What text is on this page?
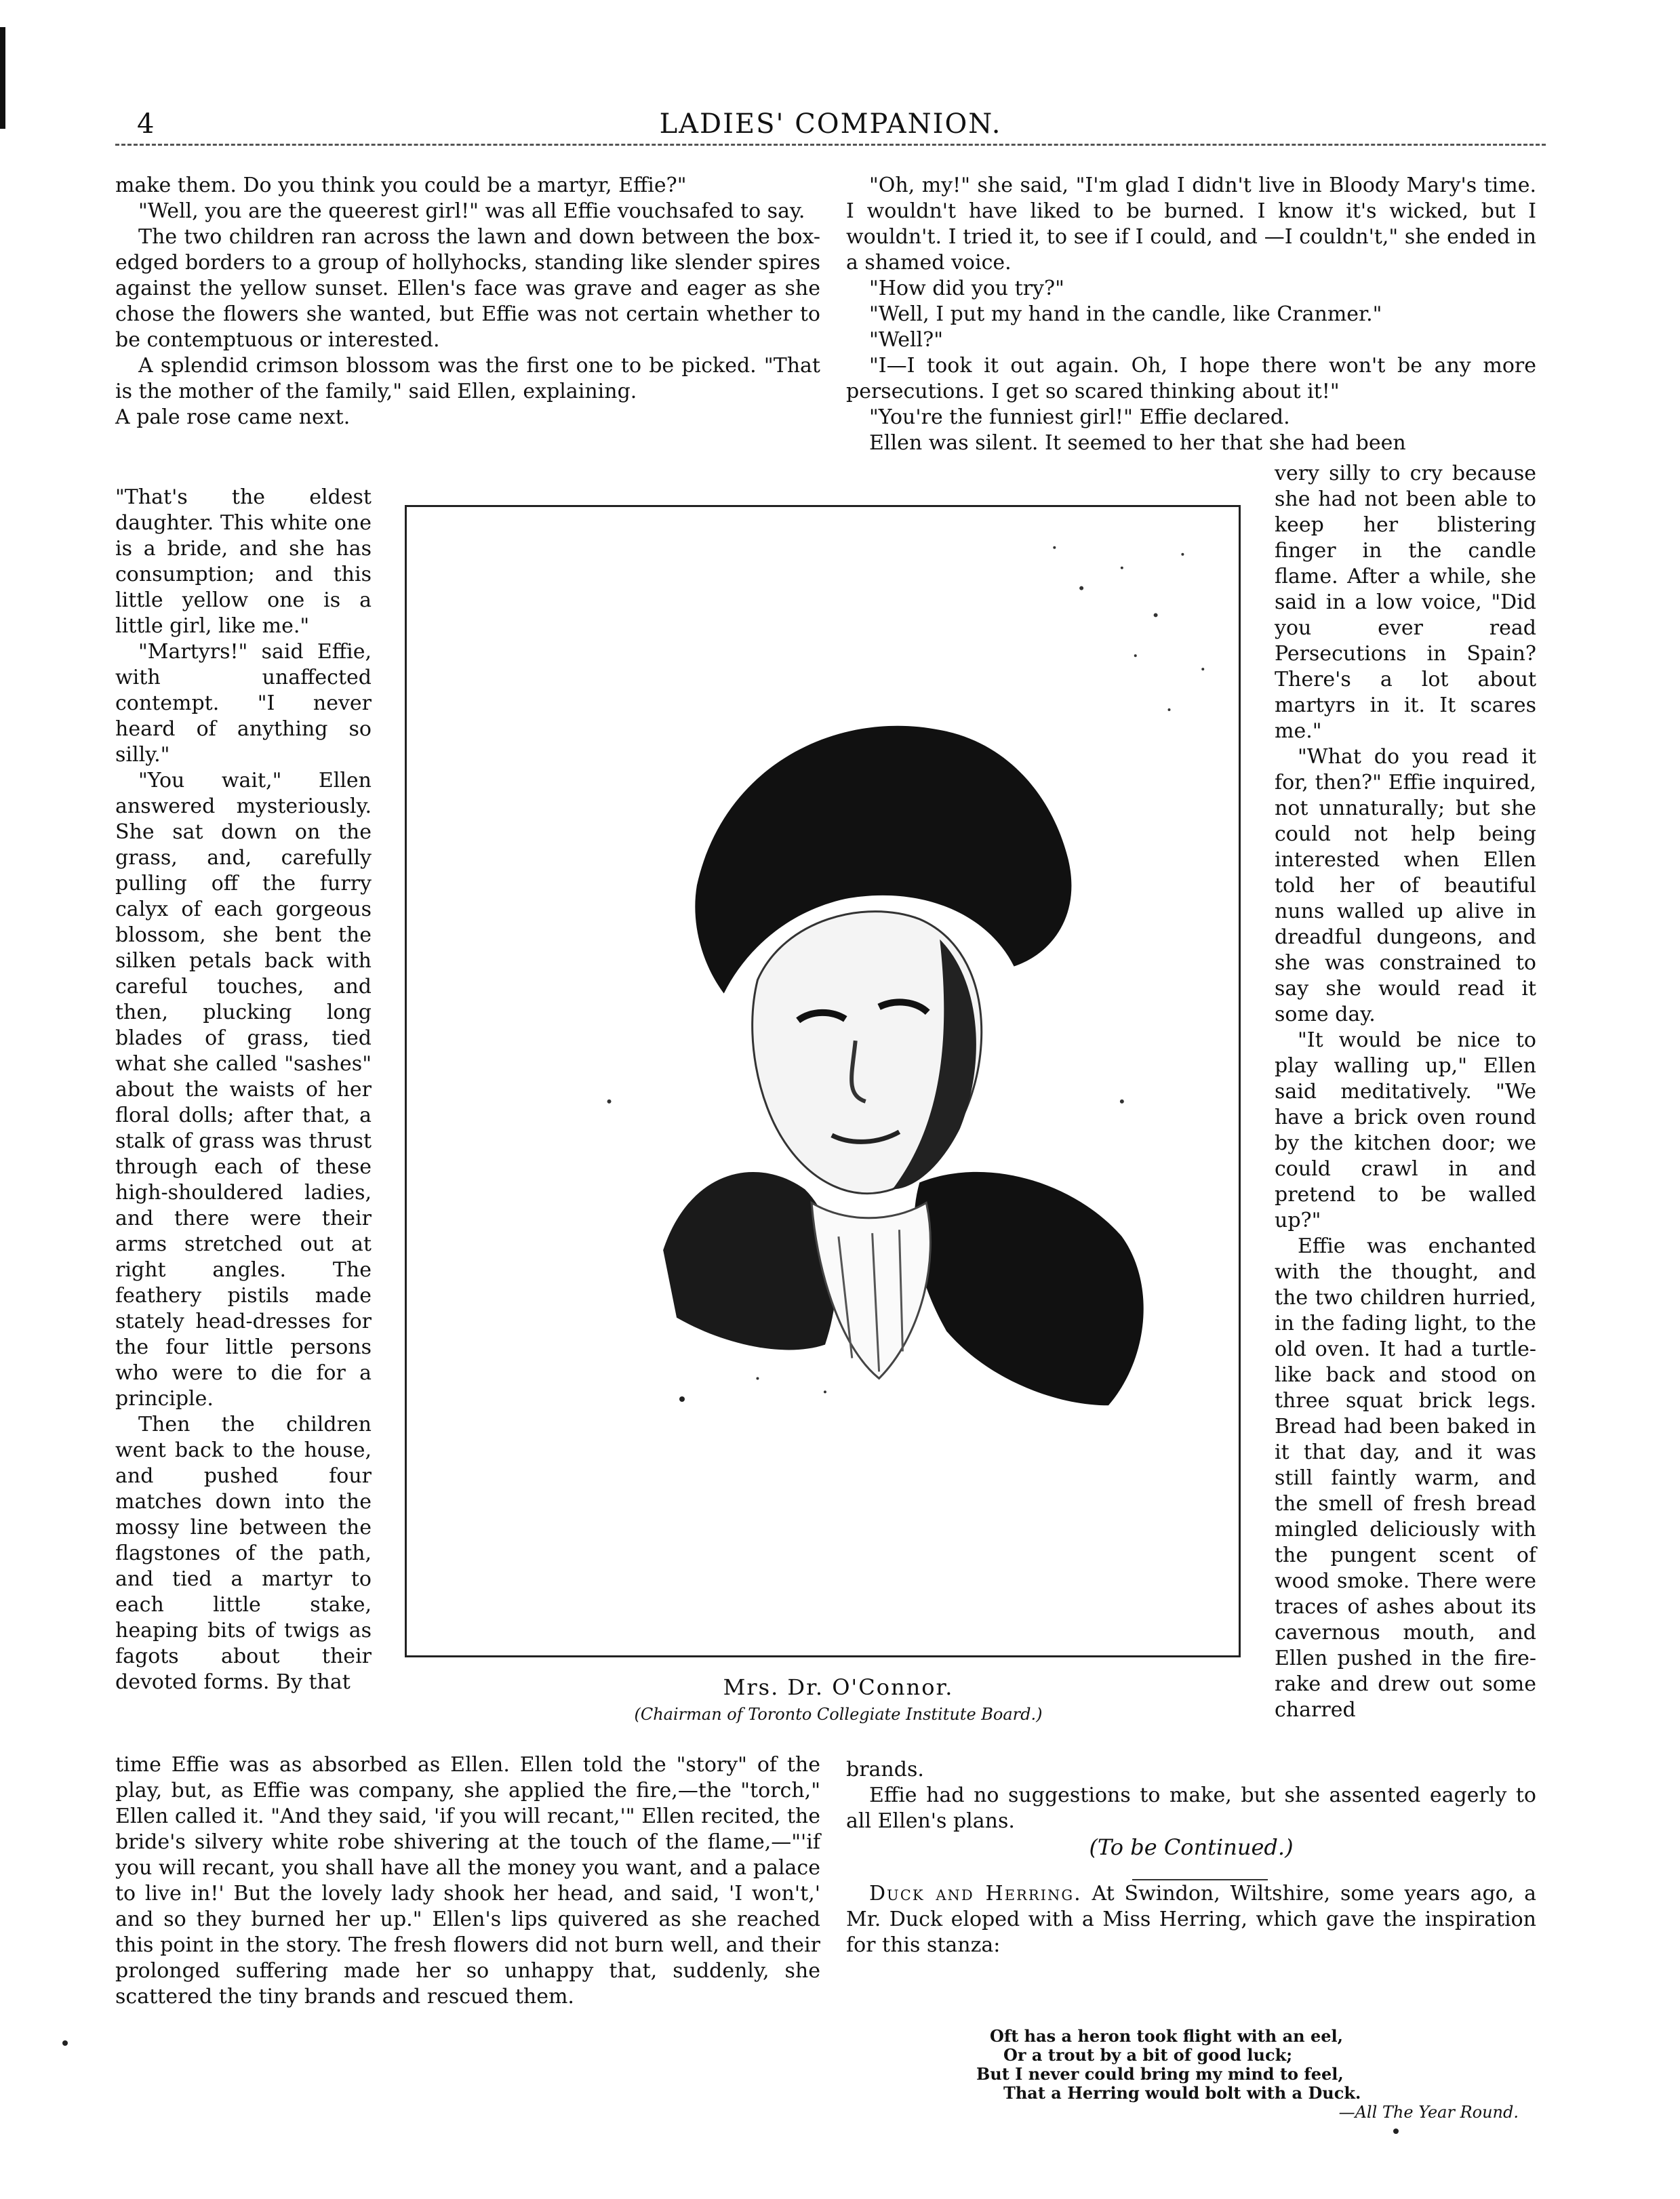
4	LADIES' COMPANION.

make them. Do you think you could be a martyr, Effie?"

"Well, you are the queerest girl!" was all Effie vouchsafed to say.

The two children ran across the lawn and down between the box-edged borders to a group of hollyhocks, standing like slender spires against the yellow sunset. Ellen's face was grave and eager as she chose the flowers she wanted, but Effie was not certain whether to be contemptuous or interested.

A splendid crimson blossom was the first one to be picked. "That is the mother of the family," said Ellen, explaining.

A pale rose came next.

"That's the eldest daughter. This white one is a bride, and she has consumption; and this little yellow one is a little girl, like me."

"Martyrs!" said Effie, with unaffected contempt. "I never heard of anything so silly."

"You wait," Ellen answered mysteriously. She sat down on the grass, and, carefully pulling off the furry calyx of each gorgeous blossom, she bent the silken petals back with careful touches, and then, plucking long blades of grass, tied what she called "sashes" about the waists of her floral dolls; after that, a stalk of grass was thrust through each of these high-shouldered ladies, and there were their arms stretched out at right angles. The feathery pistils made stately head-dresses for the four little persons who were to die for a principle.

Then the children went back to the house, and pushed four matches down into the mossy line between the flagstones of the path, and tied a martyr to each little stake, heaping bits of twigs as fagots about their devoted forms. By that

time Effie was as absorbed as Ellen. Ellen told the "story" of the play, but, as Effie was company, she applied the fire,—the "torch," Ellen called it. "And they said, 'if you will recant,'" Ellen recited, the bride's silvery white robe shivering at the touch of the flame,—"'if you will recant, you shall have all the money you want, and a palace to live in!' But the lovely lady shook her head, and said, 'I won't,' and so they burned her up." Ellen's lips quivered as she reached this point in the story. The fresh flowers did not burn well, and their prolonged suffering made her so unhappy that, suddenly, she scattered the tiny brands and rescued them.

"Oh, my!" she said, "I'm glad I didn't live in Bloody Mary's time. I wouldn't have liked to be burned. I know it's wicked, but I wouldn't. I tried it, to see if I could, and —I couldn't," she ended in a shamed voice.

"How did you try?"

"Well, I put my hand in the candle, like Cranmer."

"Well?"

"I—I took it out again. Oh, I hope there won't be any more persecutions. I get so scared thinking about it!"

"You're the funniest girl!" Effie declared.

Ellen was silent. It seemed to her that she had been

very silly to cry because she had not been able to keep her blistering finger in the candle flame. After a while, she said in a low voice, "Did you ever read Persecutions in Spain? There's a lot about martyrs in it. It scares me."

"What do you read it for, then?" Effie inquired, not unnaturally; but she could not help being interested when Ellen told her of beautiful nuns walled up alive in dreadful dungeons, and she was constrained to say she would read it some day.

"It would be nice to play walling up," Ellen said meditatively. "We have a brick oven round by the kitchen door; we could crawl in and pretend to be walled up?"

Effie was enchanted with the thought, and the two children hurried, in the fading light, to the old oven. It had a turtle-like back and stood on three squat brick legs. Bread had been baked in it that day, and it was still faintly warm, and the smell of fresh bread mingled deliciously with the pungent scent of wood smoke. There were traces of ashes about its cavernous mouth, and Ellen pushed in the fire-rake and drew out some charred

brands.

Effie had no suggestions to make, but she assented eagerly to all Ellen's plans.

Mrs. Dr. O'Connor.
(Chairman of Toronto Collegiate Institute Board.)
(To be Continued.)

Duck and Herring. At Swindon, Wiltshire, some years ago, a Mr. Duck eloped with a Miss Herring, which gave the inspiration for this stanza:

Oft has a heron took flight with an eel,
Or a trout by a bit of good luck;
But I never could bring my mind to feel,
That a Herring would bolt with a Duck.
—All The Year Round.
